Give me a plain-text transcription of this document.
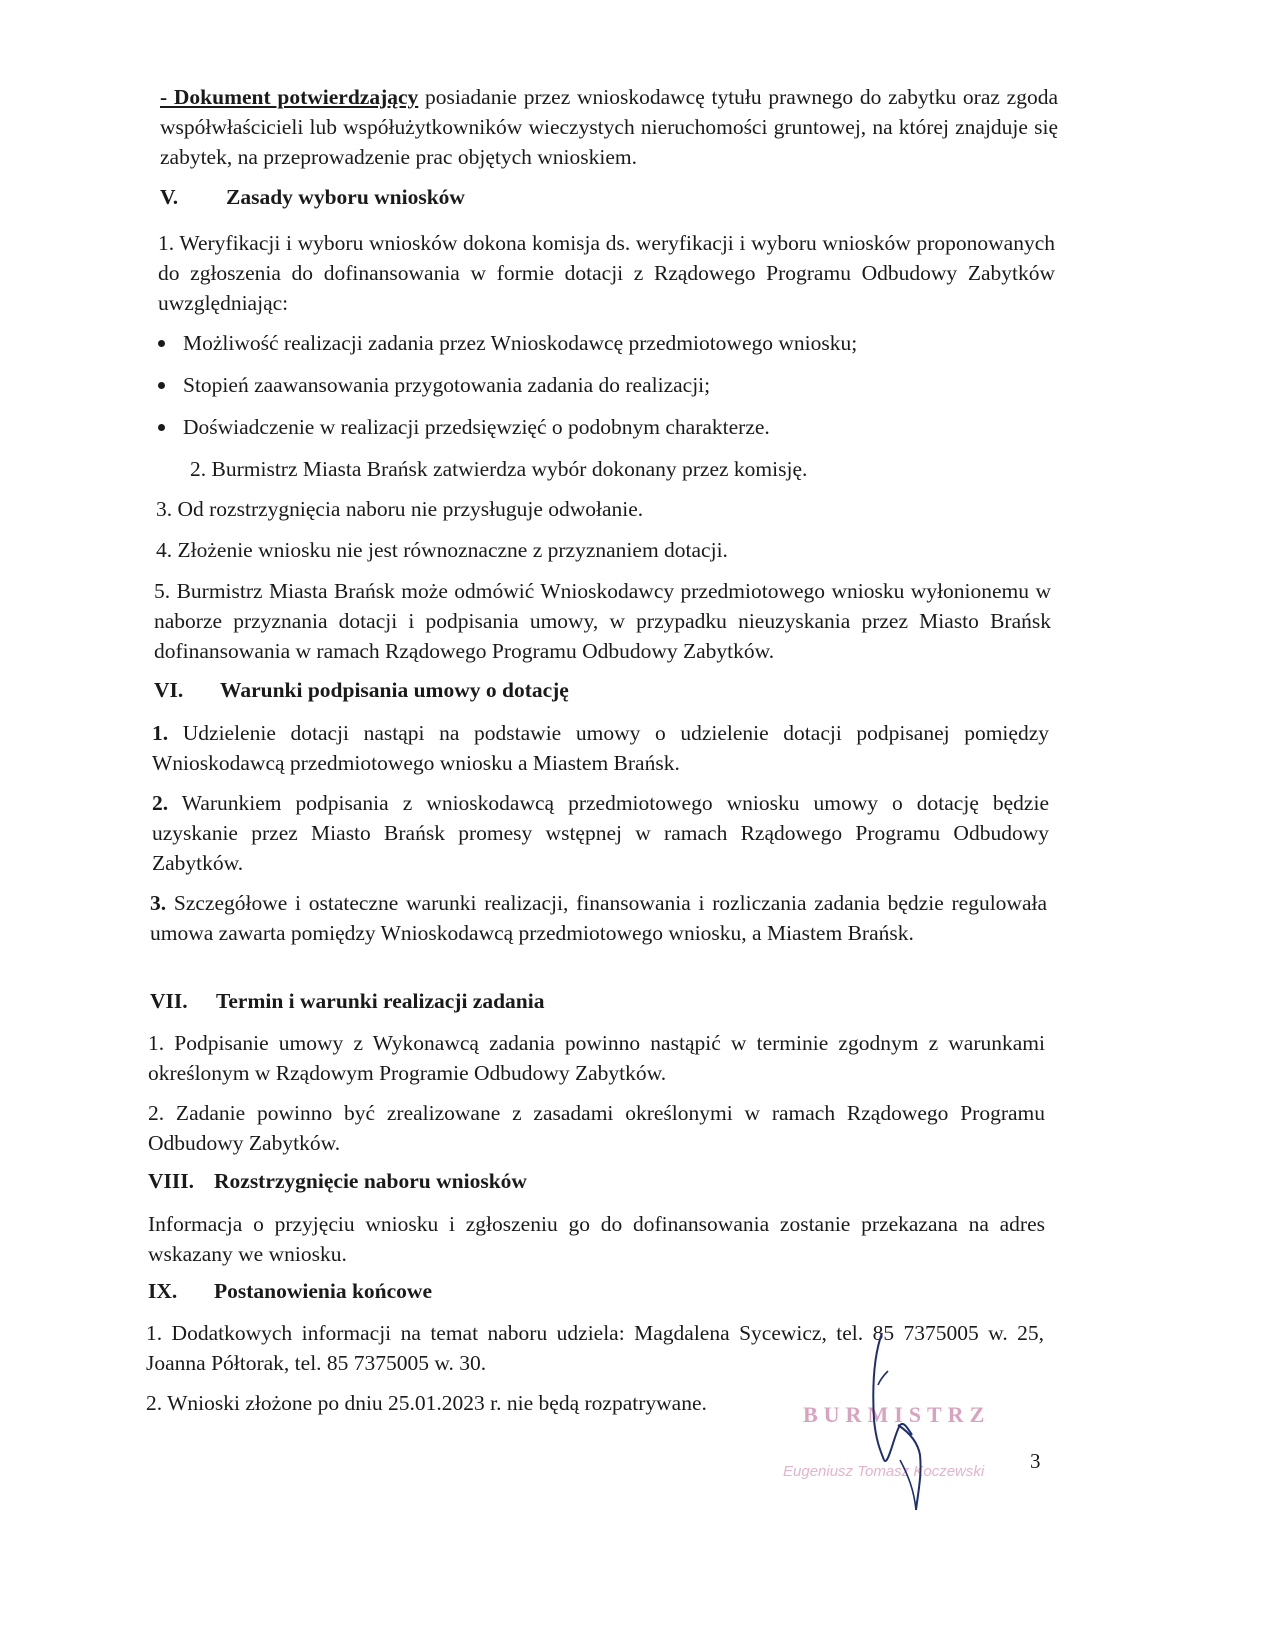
- Dokument potwierdzający posiadanie przez wnioskodawcę tytułu prawnego do zabytku oraz zgoda współwłaścicieli lub współużytkowników wieczystych nieruchomości gruntowej, na której znajduje się zabytek, na przeprowadzenie prac objętych wnioskiem.
V. Zasady wyboru wniosków
1. Weryfikacji i wyboru wniosków dokona komisja ds. weryfikacji i wyboru wniosków proponowanych do zgłoszenia do dofinansowania w formie dotacji z Rządowego Programu Odbudowy Zabytków uwzględniając:
Możliwość realizacji zadania przez Wnioskodawcę przedmiotowego wniosku;
Stopień zaawansowania przygotowania zadania do realizacji;
Doświadczenie w realizacji przedsięwzięć o podobnym charakterze.
2. Burmistrz Miasta Brańsk zatwierdza wybór dokonany przez komisję.
3. Od rozstrzygnięcia naboru nie przysługuje odwołanie.
4. Złożenie wniosku nie jest równoznaczne z przyznaniem dotacji.
5. Burmistrz Miasta Brańsk może odmówić Wnioskodawcy przedmiotowego wniosku wyłonionemu w naborze przyznania dotacji i podpisania umowy, w przypadku nieuzyskania przez Miasto Brańsk dofinansowania w ramach Rządowego Programu Odbudowy Zabytków.
VI. Warunki podpisania umowy o dotację
1. Udzielenie dotacji nastąpi na podstawie umowy o udzielenie dotacji podpisanej pomiędzy Wnioskodawcą przedmiotowego wniosku a Miastem Brańsk.
2. Warunkiem podpisania z wnioskodawcą przedmiotowego wniosku umowy o dotację będzie uzyskanie przez Miasto Brańsk promesy wstępnej w ramach Rządowego Programu Odbudowy Zabytków.
3. Szczegółowe i ostateczne warunki realizacji, finansowania i rozliczania zadania będzie regulowała umowa zawarta pomiędzy Wnioskodawcą przedmiotowego wniosku, a Miastem Brańsk.
VII. Termin i warunki realizacji zadania
1. Podpisanie umowy z Wykonawcą zadania powinno nastąpić w terminie zgodnym z warunkami określonym w Rządowym Programie Odbudowy Zabytków.
2. Zadanie powinno być zrealizowane z zasadami określonymi w ramach Rządowego Programu Odbudowy Zabytków.
VIII. Rozstrzygnięcie naboru wniosków
Informacja o przyjęciu wniosku i zgłoszeniu go do dofinansowania zostanie przekazana na adres wskazany we wniosku.
IX. Postanowienia końcowe
1. Dodatkowych informacji na temat naboru udziela: Magdalena Sycewicz, tel. 85 7375005 w. 25, Joanna Półtorak, tel. 85 7375005 w. 30.
2. Wnioski złożone po dniu 25.01.2023 r. nie będą rozpatrywane.	BURMISTRZ
Eugeniusz Tomasz Koczewski	3
